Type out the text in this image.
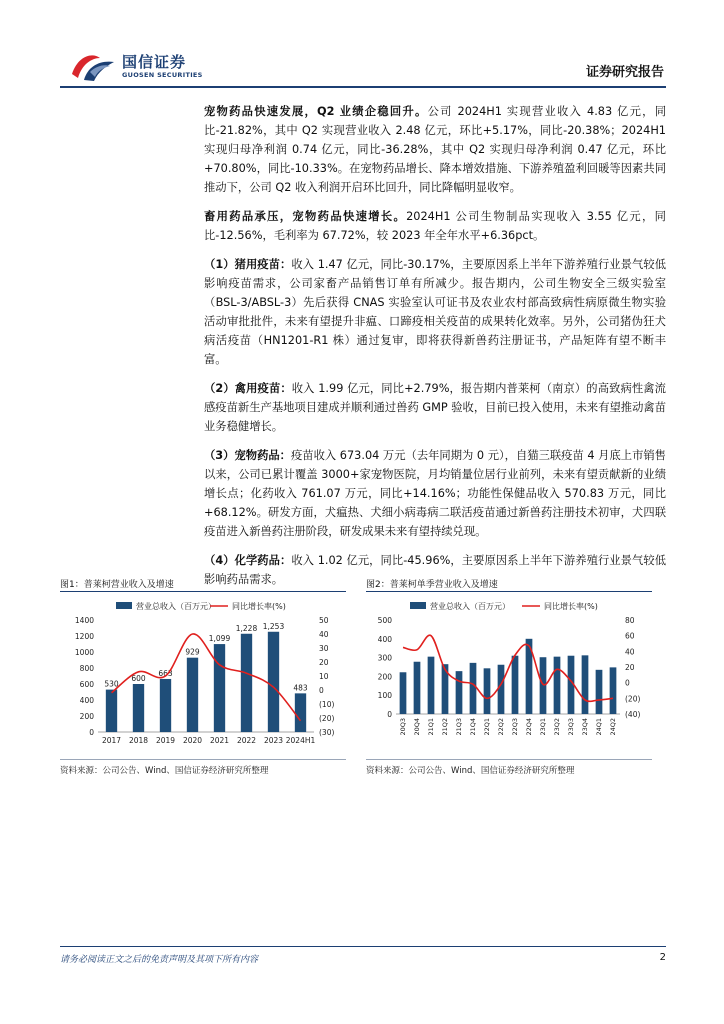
国信证券
GUOSEN SECURITIES	证券研究报告

宠物药品快速发展，Q2 业绩企稳回升。公司 2024H1 实现营业收入 4.83 亿元，同比-21.82%，其中 Q2 实现营业收入 2.48 亿元，环比+5.17%，同比-20.38%；2024H1 实现归母净利润 0.74 亿元，同比-36.28%，其中 Q2 实现归母净利润 0.47 亿元，环比+70.80%，同比-10.33%。在宠物药品增长、降本增效措施、下游养殖盈利回暖等因素共同推动下，公司 Q2 收入利润开启环比回升，同比降幅明显收窄。

畜用药品承压，宠物药品快速增长。2024H1 公司生物制品实现收入 3.55 亿元，同比-12.56%，毛利率为 67.72%，较 2023 年全年水平+6.36pct。

（1）猪用疫苗：收入 1.47 亿元，同比-30.17%，主要原因系上半年下游养殖行业景气较低影响疫苗需求，公司家畜产品销售订单有所减少。报告期内，公司生物安全三级实验室（BSL-3/ABSL-3）先后获得 CNAS 实验室认可证书及农业农村部高致病性病原微生物实验活动审批批件，未来有望提升非瘟、口蹄疫相关疫苗的成果转化效率。另外，公司猪伪狂犬病活疫苗（HN1201-R1 株）通过复审，即将获得新兽药注册证书，产品矩阵有望不断丰富。

（2）禽用疫苗：收入 1.99 亿元，同比+2.79%，报告期内普莱柯（南京）的高致病性禽流感疫苗新生产基地项目建成并顺利通过兽药 GMP 验收，目前已投入使用，未来有望推动禽苗业务稳健增长。

（3）宠物药品：疫苗收入 673.04 万元（去年同期为 0 元），自猫三联疫苗 4 月底上市销售以来，公司已累计覆盖 3000+家宠物医院，月均销量位居行业前列，未来有望贡献新的业绩增长点；化药收入 761.07 万元，同比+14.16%；功能性保健品收入 570.83 万元，同比+68.12%。研发方面，犬瘟热、犬细小病毒病二联活疫苗通过新兽药注册技术初审，犬四联疫苗进入新兽药注册阶段，研发成果未来有望持续兑现。

（4）化学药品：收入 1.02 亿元，同比-45.96%，主要原因系上半年下游养殖行业景气较低影响药品需求。

图1：普莱柯营业收入及增速
营业总收入（百万元） 同比增长率(%)
0
200
400
600
800
1000
1200
1400
(30)
(20)
(10)
0
10
20
30
40
50
530
2017
600
2018
663
2019
929
2020
1,099
2021
1,228
2022
1,253
2023
483
2024H1
资料来源：公司公告、Wind、国信证券经济研究所整理
图2：普莱柯单季营业收入及增速
营业总收入（百万元）	同比增长率(%)
0
100
200
300
400
500
(40)
(20)
0
20
40
60
80
20Q3 20Q4 21Q1 21Q2 21Q3 21Q4 22Q1 22Q2 22Q3 22Q4 23Q1 23Q2 23Q3 23Q4 24Q1 24Q2
资料来源：公司公告、Wind、国信证券经济研究所整理
请务必阅读正文之后的免责声明及其项下所有内容	2
